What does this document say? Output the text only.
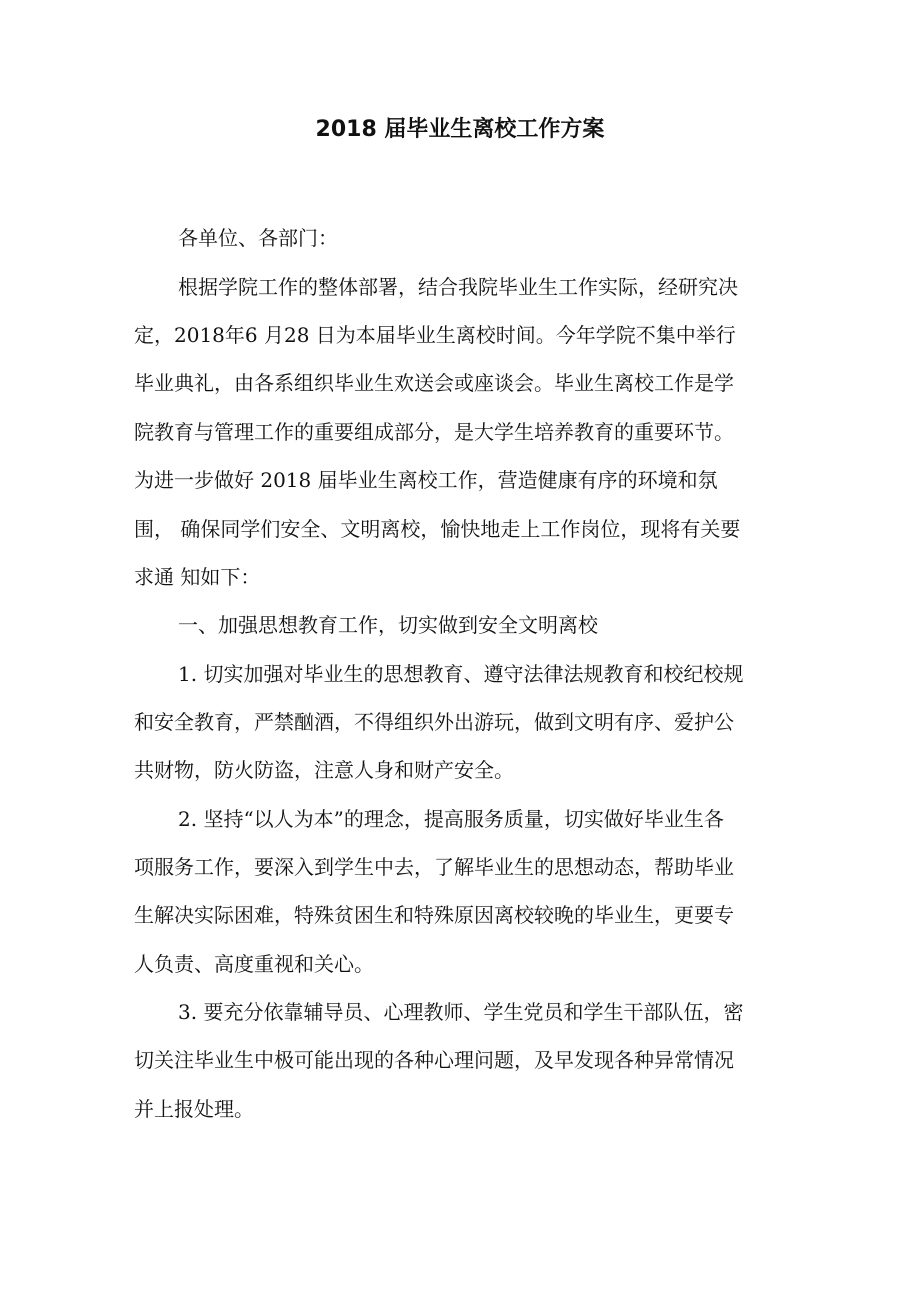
2018 届毕业生离校工作方案
各单位、各部门：
根据学院工作的整体部署，结合我院毕业生工作实际，经研究决
定，2018年6 月28 日为本届毕业生离校时间。今年学院不集中举行
毕业典礼，由各系组织毕业生欢送会或座谈会。毕业生离校工作是学
院教育与管理工作的重要组成部分，是大学生培养教育的重要环节。
为进一步做好 2018 届毕业生离校工作，营造健康有序的环境和氛
围， 确保同学们安全、文明离校，愉快地走上工作岗位，现将有关要
求通 知如下：
一、加强思想教育工作，切实做到安全文明离校
1. 切实加强对毕业生的思想教育、遵守法律法规教育和校纪校规
和安全教育，严禁酗酒，不得组织外出游玩，做到文明有序、爱护公
共财物，防火防盗，注意人身和财产安全。
2. 坚持“以人为本”的理念，提高服务质量，切实做好毕业生各
项服务工作，要深入到学生中去，了解毕业生的思想动态，帮助毕业
生解决实际困难，特殊贫困生和特殊原因离校较晚的毕业生，更要专
人负责、高度重视和关心。
3. 要充分依靠辅导员、心理教师、学生党员和学生干部队伍，密
切关注毕业生中极可能出现的各种心理问题，及早发现各种异常情况
并上报处理。
